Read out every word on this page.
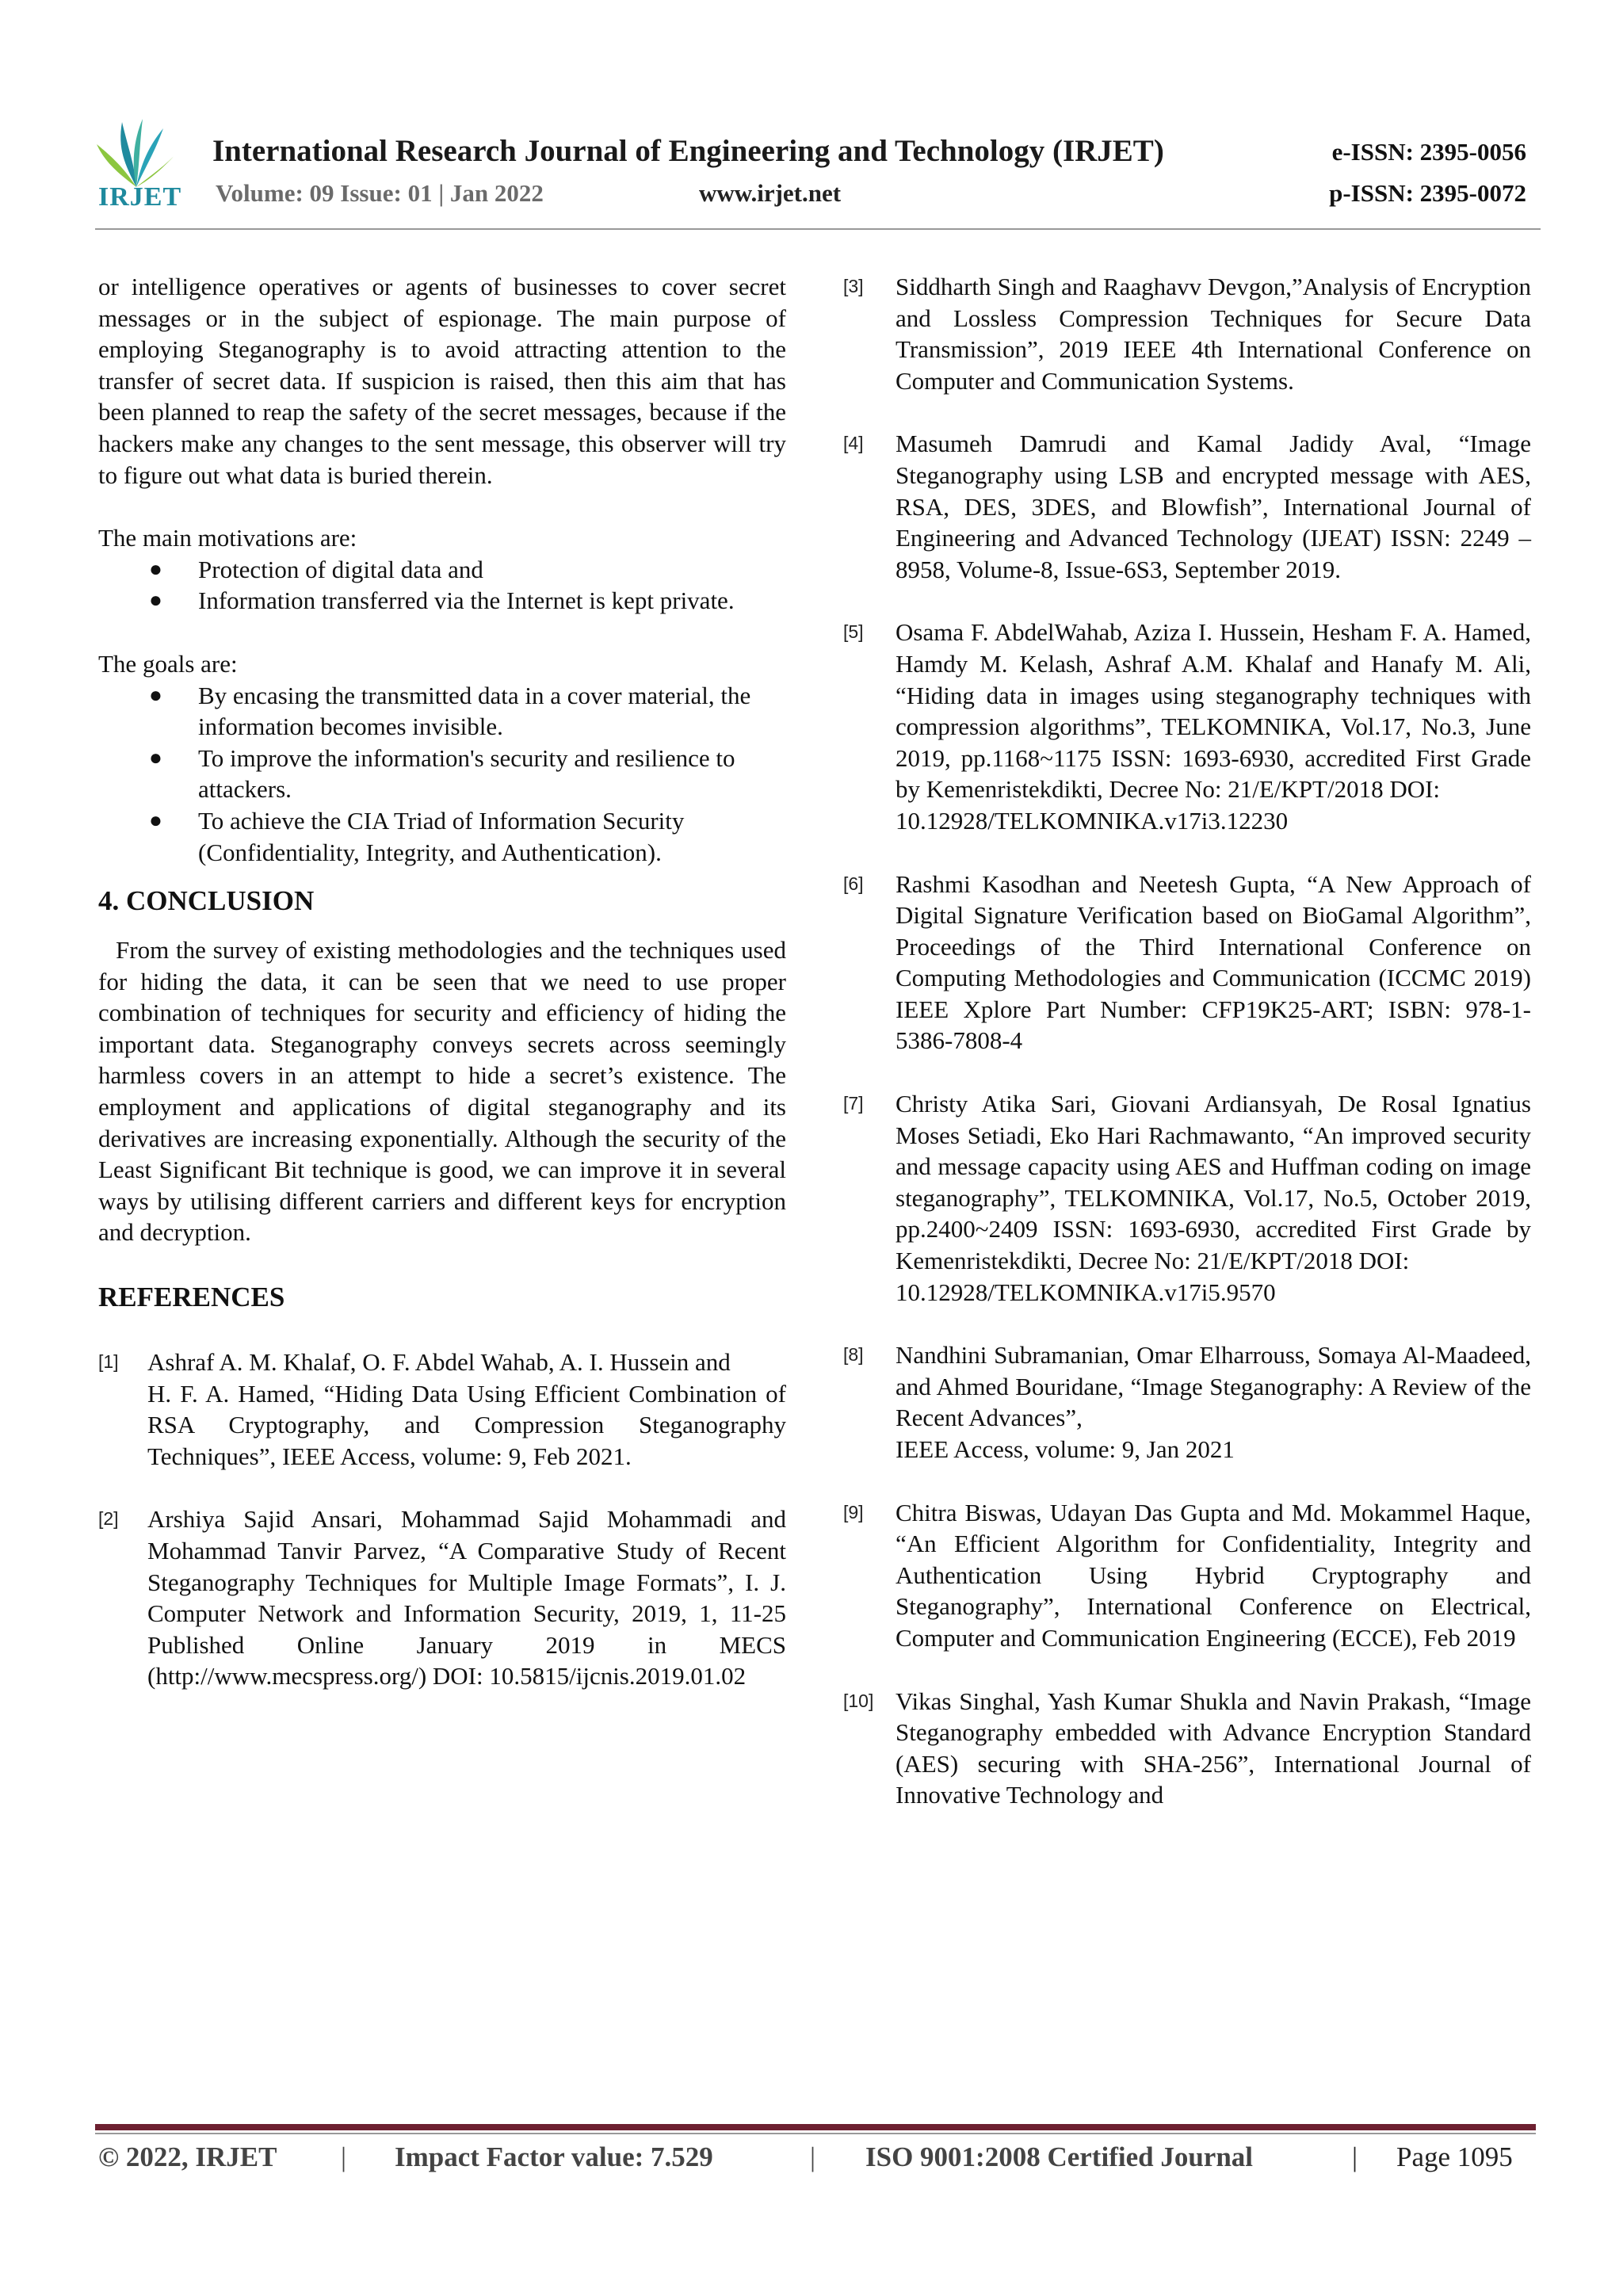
IRJET
International Research Journal of Engineering and Technology (IRJET)
Volume: 09 Issue: 01 | Jan 2022	www.irjet.net
e-ISSN: 2395-0056
p-ISSN: 2395-0072

or intelligence operatives or agents of businesses to cover secret messages or in the subject of espionage. The main purpose of employing Steganography is to avoid attracting attention to the transfer of secret data. If suspicion is raised, then this aim that has been planned to reap the safety of the secret messages, because if the hackers make any changes to the sent message, this observer will try to figure out what data is buried therein.

The main motivations are:

● Protection of digital data and
● Information transferred via the Internet is kept private.

The goals are:

● By encasing the transmitted data in a cover material, the information becomes invisible.
● To improve the information's security and resilience to attackers.
● To achieve the CIA Triad of Information Security (Confidentiality, Integrity, and Authentication).
4. CONCLUSION

From the survey of existing methodologies and the techniques used for hiding the data, it can be seen that we need to use proper combination of techniques for security and efficiency of hiding the important data. Steganography conveys secrets across seemingly harmless covers in an attempt to hide a secret’s existence. The employment and applications of digital steganography and its derivatives are increasing exponentially. Although the security of the Least Significant Bit technique is good, we can improve it in several ways by utilising different carriers and different keys for encryption and decryption.

REFERENCES
[1] Ashraf A. M. Khalaf, O. F. Abdel Wahab, A. I. Hussein and

H. F. A. Hamed, “Hiding Data Using Efficient Combination of RSA Cryptography, and Compression Steganography Techniques”, IEEE Access, volume: 9, Feb 2021.

[2] Arshiya Sajid Ansari, Mohammad Sajid Mohammadi and Mohammad Tanvir Parvez, “A Comparative Study of Recent Steganography Techniques for Multiple Image Formats”, I. J. Computer Network and Information Security, 2019, 1, 11-25 Published Online January 2019 in MECS (http://www.mecspress.org/) DOI: 10.5815/ijcnis.2019.01.02

[3] Siddharth Singh and Raaghavv Devgon,”Analysis of Encryption and Lossless Compression Techniques for Secure Data Transmission”, 2019 IEEE 4th International Conference on Computer and Communication Systems.

[4] Masumeh Damrudi and Kamal Jadidy Aval, “Image Steganography using LSB and encrypted message with AES, RSA, DES, 3DES, and Blowfish”, International Journal of Engineering and Advanced Technology (IJEAT) ISSN: 2249 – 8958, Volume-8, Issue-6S3, September 2019.

[5] Osama F. AbdelWahab, Aziza I. Hussein, Hesham F. A. Hamed, Hamdy M. Kelash, Ashraf A.M. Khalaf and Hanafy M. Ali, “Hiding data in images using steganography techniques with compression algorithms”, TELKOMNIKA, Vol.17, No.3, June 2019, pp.1168~1175 ISSN: 1693-6930, accredited First Grade by Kemenristekdikti, Decree No: 21/E/KPT/2018 DOI:

10.12928/TELKOMNIKA.v17i3.12230
[6] Rashmi Kasodhan and Neetesh Gupta, “A New Approach of Digital Signature Verification based on BioGamal Algorithm”, Proceedings of the Third International Conference on Computing Methodologies and Communication (ICCMC 2019) IEEE Xplore Part Number: CFP19K25-ART; ISBN: 978-1-5386-7808-4

[7] Christy Atika Sari, Giovani Ardiansyah, De Rosal Ignatius Moses Setiadi, Eko Hari Rachmawanto, “An improved security and message capacity using AES and Huffman coding on image steganography”, TELKOMNIKA, Vol.17, No.5, October 2019, pp.2400~2409 ISSN: 1693-6930, accredited First Grade by Kemenristekdikti, Decree No: 21/E/KPT/2018 DOI:

10.12928/TELKOMNIKA.v17i5.9570
[8] Nandhini Subramanian, Omar Elharrouss, Somaya Al-Maadeed, and Ahmed Bouridane, “Image Steganography: A Review of the Recent Advances”,

IEEE Access, volume: 9, Jan 2021
[9] Chitra Biswas, Udayan Das Gupta and Md. Mokammel Haque, “An Efficient Algorithm for Confidentiality, Integrity and Authentication Using Hybrid Cryptography and Steganography”, International Conference on Electrical, Computer and Communication Engineering (ECCE), Feb 2019

[10] Vikas Singhal, Yash Kumar Shukla and Navin Prakash, “Image Steganography embedded with Advance Encryption Standard (AES) securing with SHA-256”, International Journal of Innovative Technology and

© 2022, IRJET | Impact Factor value: 7.529	| ISO 9001:2008 Certified Journal	| Page 1095
